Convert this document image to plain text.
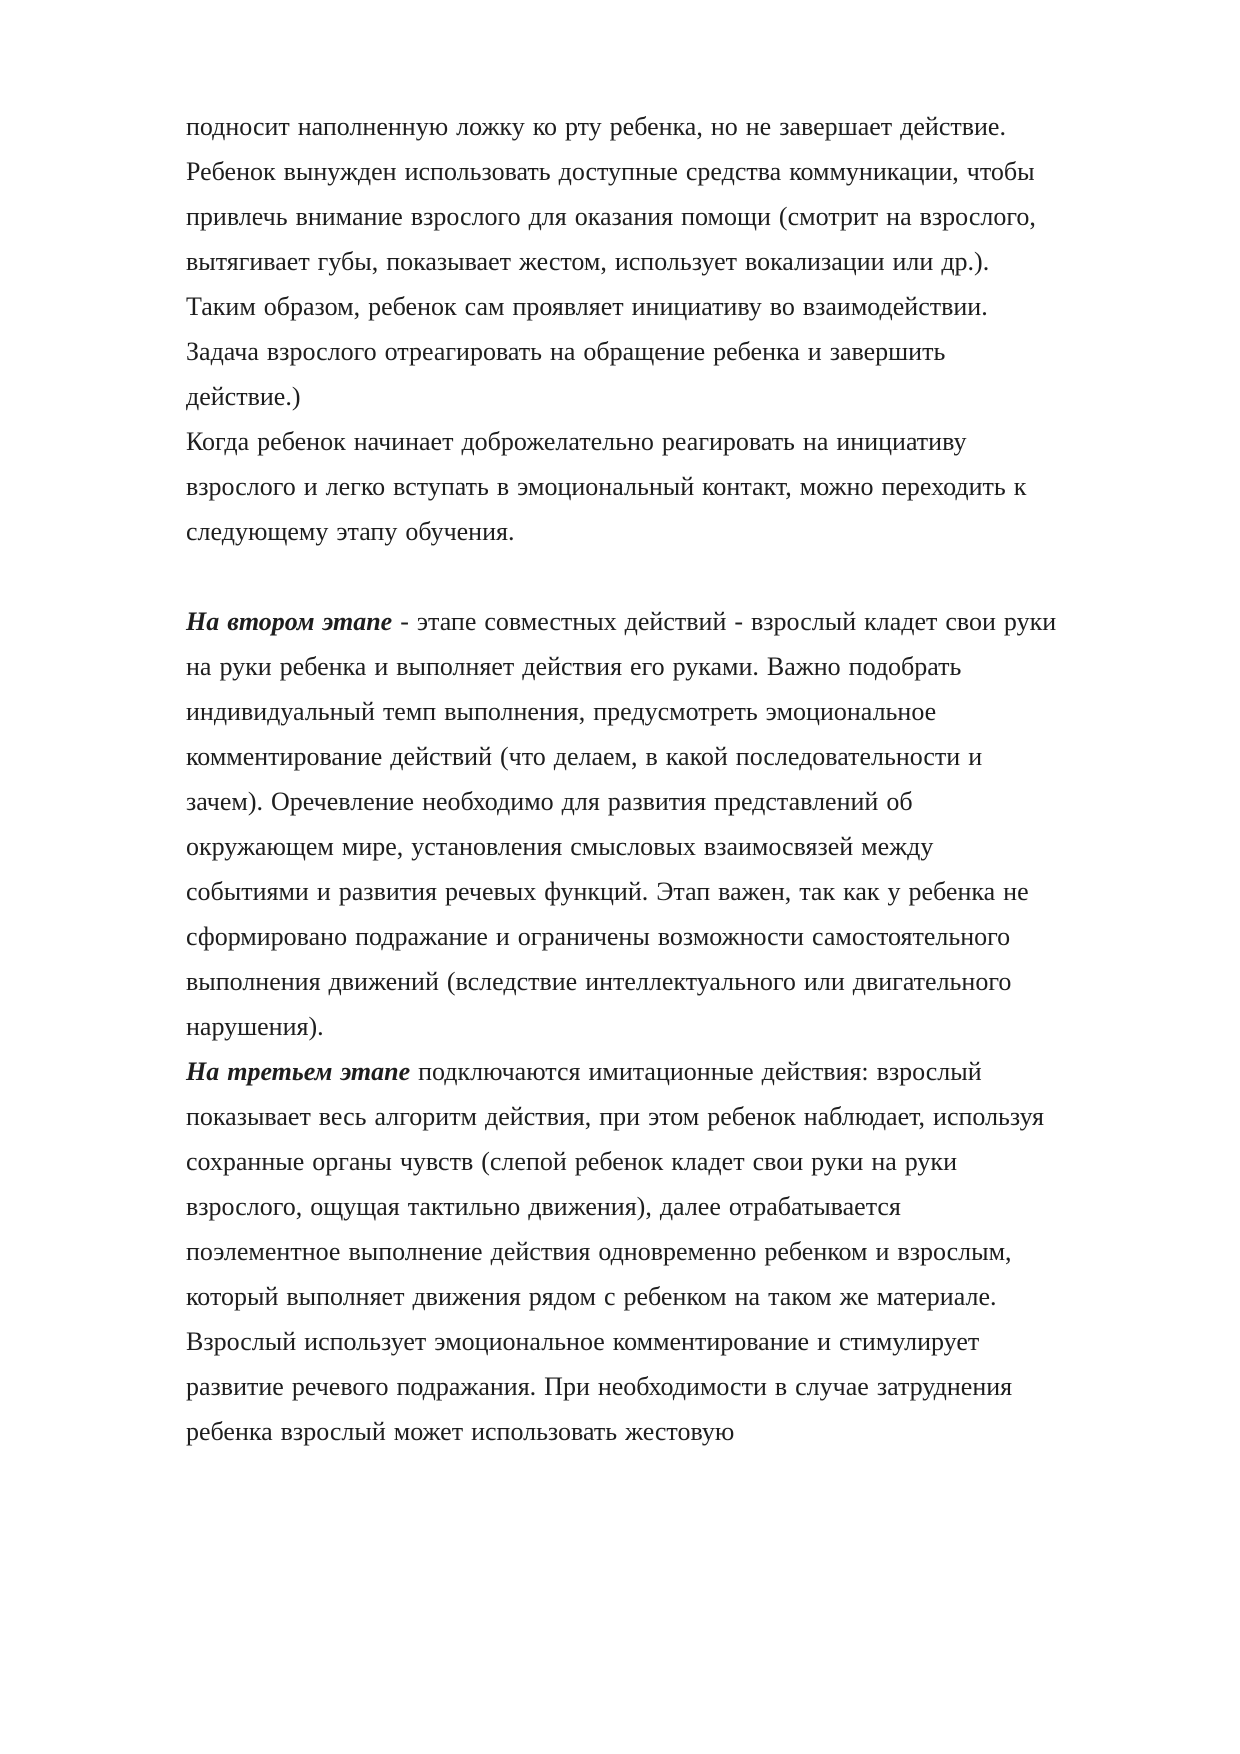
подносит наполненную ложку ко рту ребенка, но не завершает действие. Ребенок вынужден использовать доступные средства коммуникации, чтобы привлечь внимание взрослого для оказания помощи (смотрит на взрослого, вытягивает губы, показывает жестом, использует вокализации или др.). Таким образом, ребенок сам проявляет инициативу во взаимодействии. Задача взрослого отреагировать на обращение ребенка и завершить действие.)

Когда ребенок начинает доброжелательно реагировать на инициативу взрослого и легко вступать в эмоциональный контакт, можно переходить к следующему этапу обучения.

На втором этапе - этапе совместных действий - взрослый кладет свои руки на руки ребенка и выполняет действия его руками. Важно подобрать индивидуальный темп выполнения, предусмотреть эмоциональное комментирование действий (что делаем, в какой последовательности и зачем). Оречевление необходимо для развития представлений об окружающем мире, установления смысловых взаимосвязей между событиями и развития речевых функций. Этап важен, так как у ребенка не сформировано подражание и ограничены возможности самостоятельного выполнения движений (вследствие интеллектуального или двигательного нарушения).

На третьем этапе подключаются имитационные действия: взрослый показывает весь алгоритм действия, при этом ребенок наблюдает, используя сохранные органы чувств (слепой ребенок кладет свои руки на руки взрослого, ощущая тактильно движения), далее отрабатывается поэлементное выполнение действия одновременно ребенком и взрослым, который выполняет движения рядом с ребенком на таком же материале. Взрослый использует эмоциональное комментирование и стимулирует развитие речевого подражания. При необходимости в случае затруднения ребенка взрослый может использовать жестовую
